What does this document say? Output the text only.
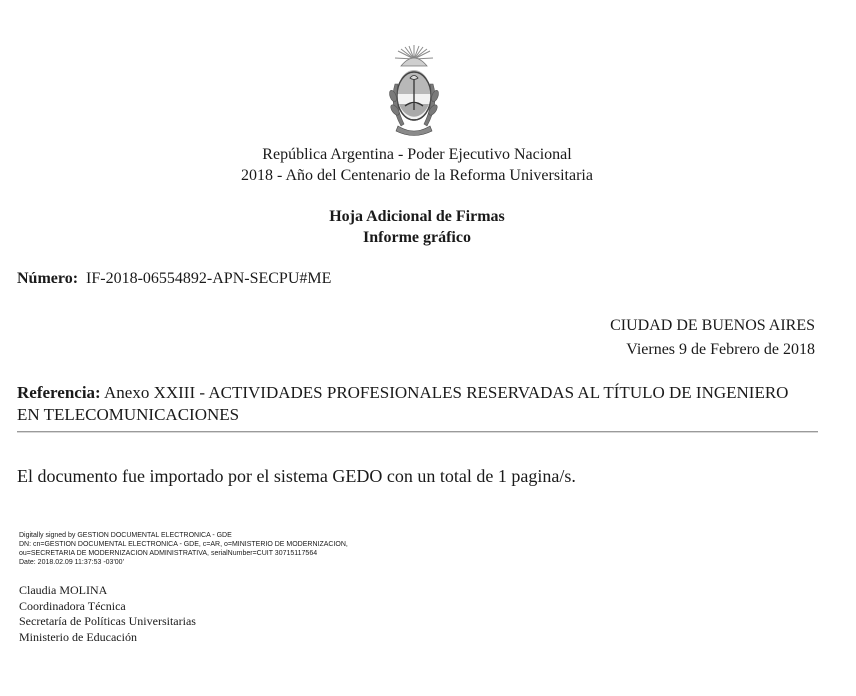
República Argentina - Poder Ejecutivo Nacional
2018 - Año del Centenario de la Reforma Universitaria
Hoja Adicional de Firmas
Informe gráfico
Número: IF-2018-06554892-APN-SECPU#ME
CIUDAD DE BUENOS AIRES
Viernes 9 de Febrero de 2018
Referencia: Anexo XXIII - ACTIVIDADES PROFESIONALES RESERVADAS AL TÍTULO DE INGENIERO EN TELECOMUNICACIONES
El documento fue importado por el sistema GEDO con un total de 1 pagina/s.
Digitally signed by GESTION DOCUMENTAL ELECTRONICA - GDE
DN: cn=GESTION DOCUMENTAL ELECTRONICA - GDE, c=AR, o=MINISTERIO DE MODERNIZACION,
ou=SECRETARIA DE MODERNIZACION ADMINISTRATIVA, serialNumber=CUIT 30715117564
Date: 2018.02.09 11:37:53 -03'00'
Claudia MOLINA
Coordinadora Técnica
Secretaría de Políticas Universitarias
Ministerio de Educación
